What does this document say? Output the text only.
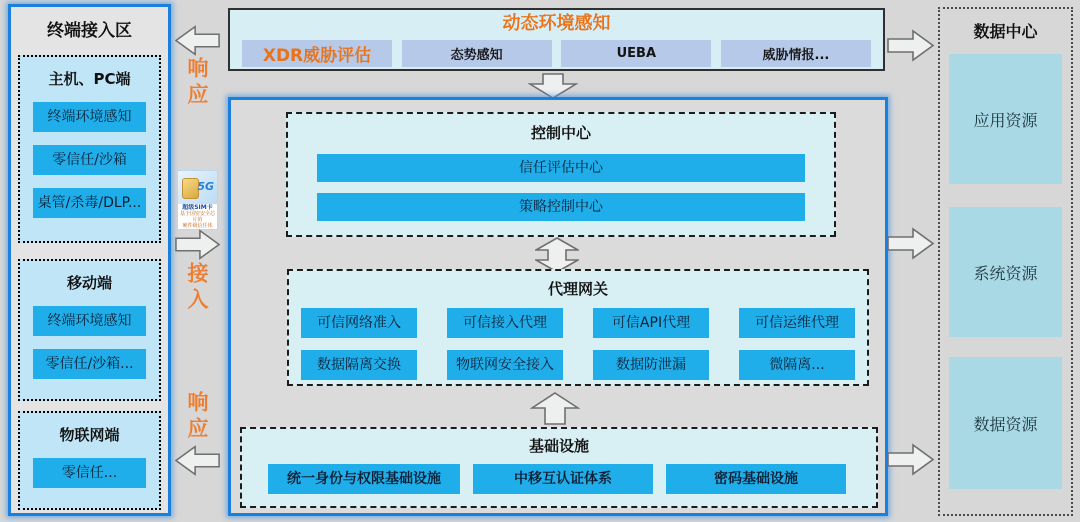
终端接入区
主机、PC端
终端环境感知
零信任/沙箱
桌管/杀毒/DLP...
移动端
终端环境感知
零信任/沙箱...
物联网端
零信任...
响应
5G
超级SIM卡
基于国密安全芯片的
硬件级信任体
接入
响应
动态环境感知
XDR威胁评估	态势感知	UEBA	威胁情报...
控制中心
信任评估中心
策略控制中心
代理网关
可信网络准入	可信接入代理	可信API代理	可信运维代理
数据隔离交换	物联网安全接入	数据防泄漏	微隔离...
基础设施
统一身份与权限基础设施	中移互认证体系	密码基础设施
数据中心
应用资源
系统资源
数据资源
